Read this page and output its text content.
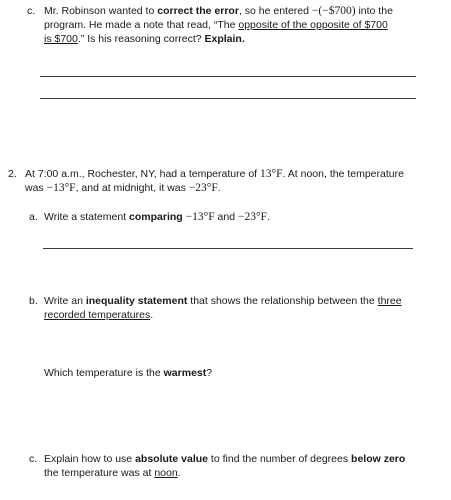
c. Mr. Robinson wanted to correct the error, so he entered −(−$700) into the
program. He made a note that read, “The opposite of the opposite of $700
is $700.” Is his reasoning correct? Explain.
2. At 7:00 a.m., Rochester, NY, had a temperature of 13°F. At noon, the temperature
was −13°F, and at midnight, it was −23°F.
a. Write a statement comparing −13°F and −23°F.
b. Write an inequality statement that shows the relationship between the three
recorded temperatures.
Which temperature is the warmest?
c. Explain how to use absolute value to find the number of degrees below zero
the temperature was at noon.
